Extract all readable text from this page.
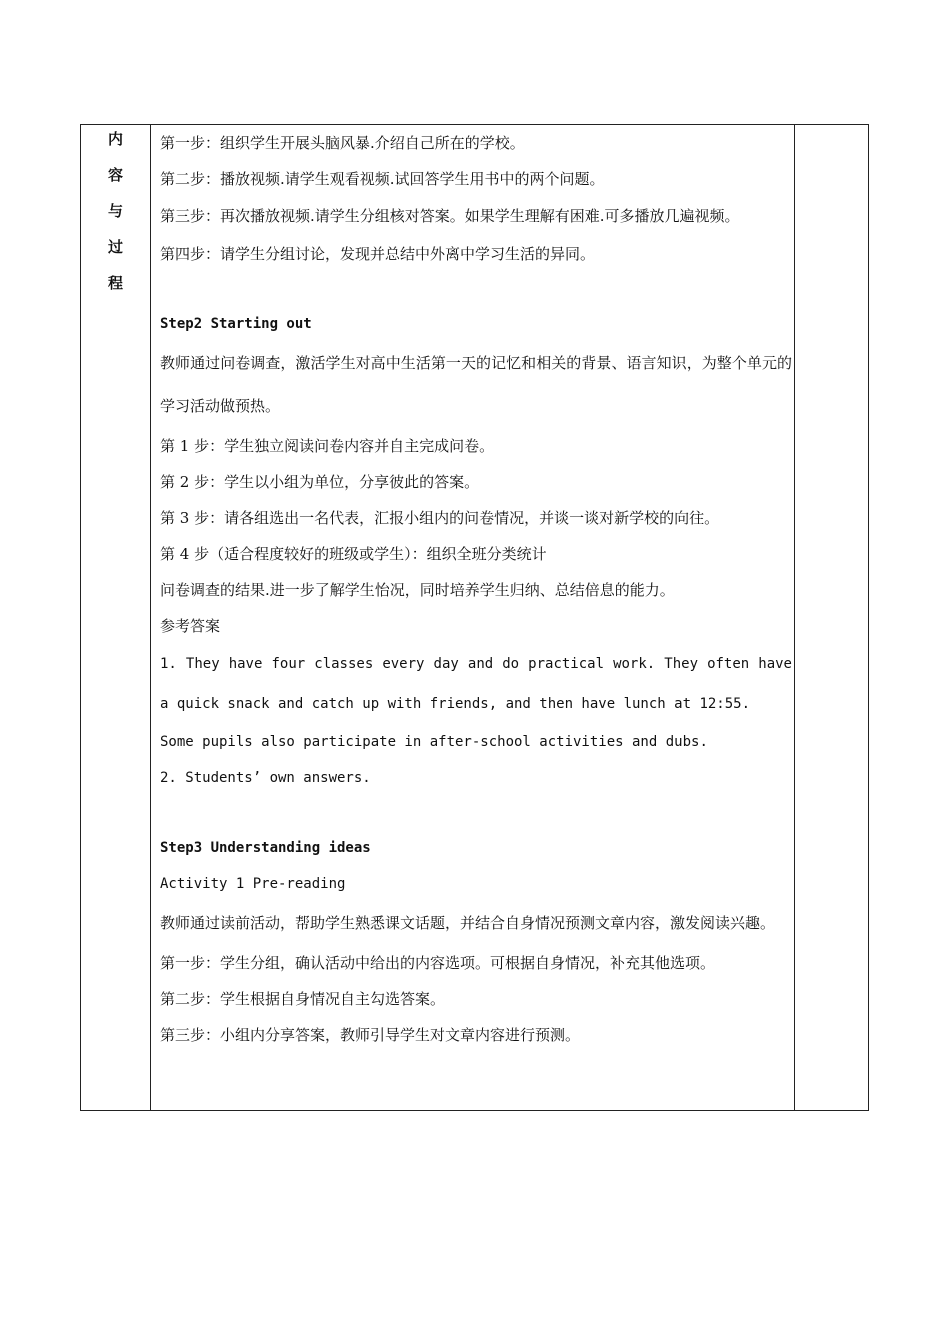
内
容
与
过
程

第一步：组织学生开展头脑风暴.介绍自己所在的学校。

第二步：播放视频.请学生观看视频.试回答学生用书中的两个问题。

第三步：再次播放视频.请学生分组核对答案。如果学生理解有困难.可多播放几遍视频。

第四步：请学生分组讨论，发现并总结中外离中学习生活的异同。

Step2 Starting out

教师通过问卷调查，激活学生对高中生活第一天的记忆和相关的背景、语言知识，为整个单元的学习活动做预热。

第 1 步：学生独立阅读问卷内容并自主完成问卷。

第 2 步：学生以小组为单位，分享彼此的答案。

第 3 步：请各组选出一名代表，汇报小组内的问卷情况，并谈一谈对新学校的向往。

第 4 步（适合程度较好的班级或学生）：组织全班分类统计

问卷调查的结果.进一步了解学生怡况，同时培养学生归纳、总结倍息的能力。

参考答案

1. They have four classes every day and do practical work. They often have a quick snack and catch up with friends, and then have lunch at 12:55.

Some pupils also participate in after-school activities and dubs.

2. Students’ own answers.

Step3 Understanding ideas

Activity 1 Pre-reading

教师通过读前活动，帮助学生熟悉课文话题，并结合自身情况预测文章内容，激发阅读兴趣。

第一步：学生分组，确认活动中给出的内容选项。可根据自身情况，补充其他选项。

第二步：学生根据自身情况自主勾选答案。

第三步：小组内分享答案，教师引导学生对文章内容进行预测。
